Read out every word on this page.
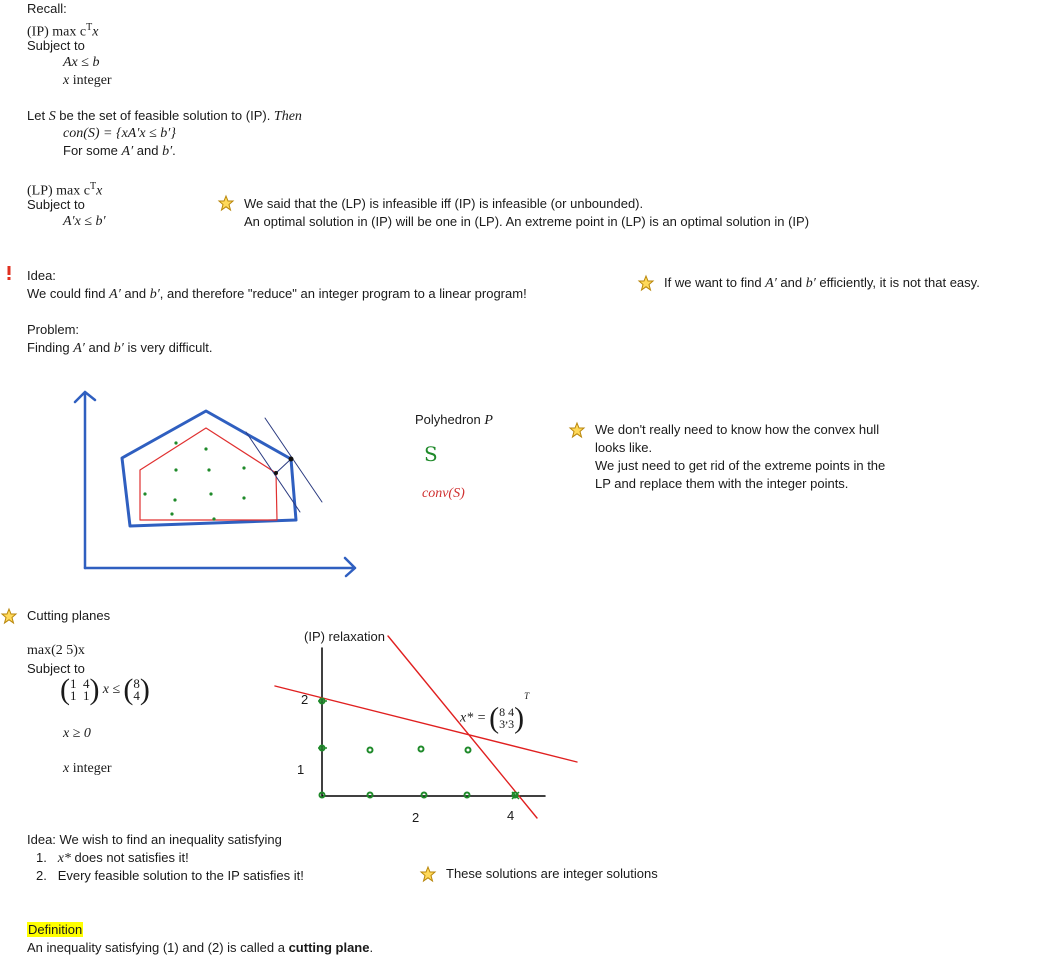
Recall:
(IP) $\max c^Tx$
Subject to
Ax ≤ b
x integer
Let S be the set of feasible solution to (IP). Then
con(S) = {xA′x ≤ b′}
For some A′ and b′.
(LP) $\max c^Tx$
Subject to
A′x ≤ b′
We said that the (LP) is infeasible iff (IP) is infeasible (or unbounded).
An optimal solution in (IP) will be one in (LP). An extreme point in (LP) is an optimal solution in (IP)
Idea:
We could find A′ and b′, and therefore "reduce" an integer program to a linear program!
If we want to find A′ and b′ efficiently, it is not that easy.
Problem:
Finding A′ and b′ is very difficult.
Polyhedron P
S
conv(S)
We don't really need to know how the convex hull
looks like.
We just need to get rid of the extreme points in the
LP and replace them with the integer points.
Cutting planes
max(2 5)x
Subject to
(1 4
1 1) x ≤ (8
4)
x ≥ 0
x integer
(IP) relaxation
2
1
2	4
x* = (8
3,4
3)$^T$
Idea: We wish to find an inequality satisfying
1. x* does not satisfies it!
2. Every feasible solution to the IP satisfies it!	These solutions are integer solutions
Definition
An inequality satisfying (1) and (2) is called a cutting plane.
